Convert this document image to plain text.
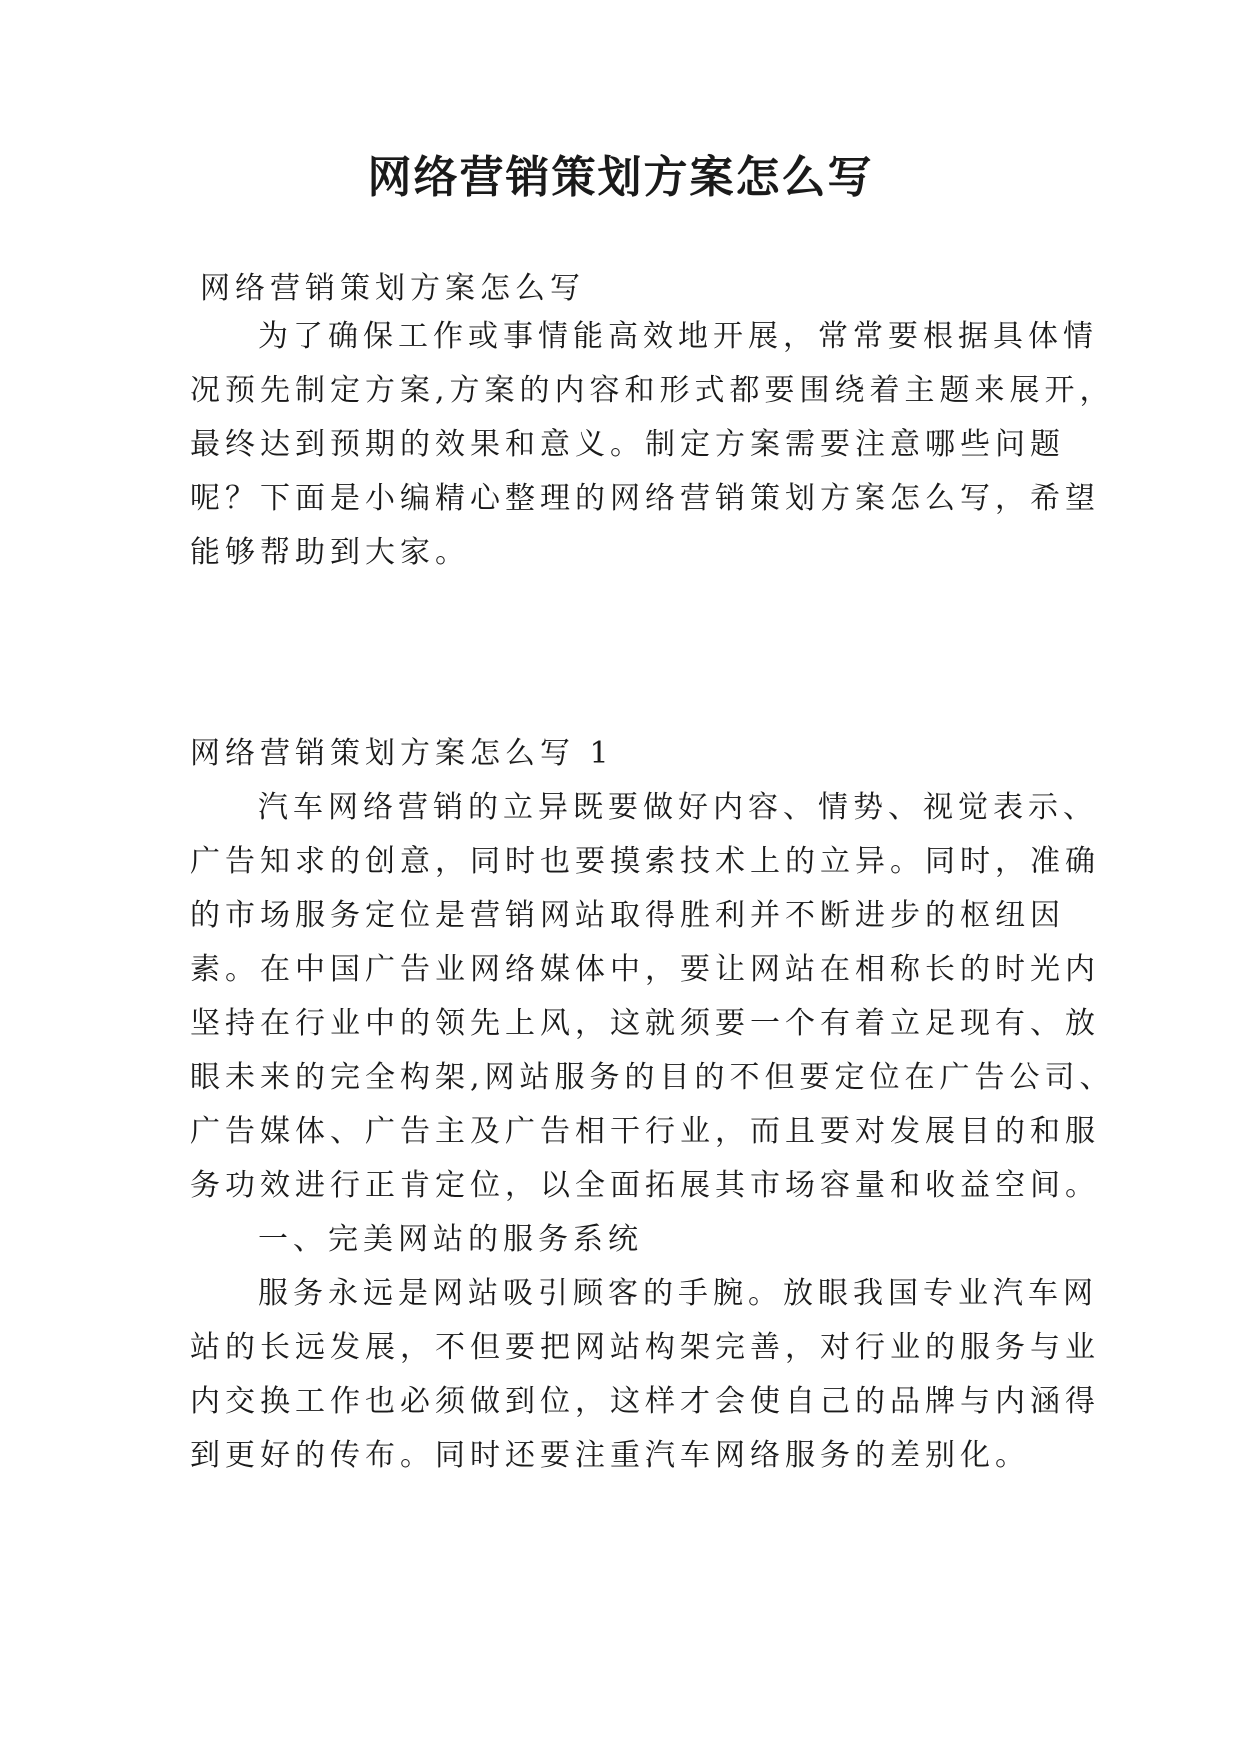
网络营销策划方案怎么写

网络营销策划方案怎么写

为了确保工作或事情能高效地开展，常常要根据具体情
况预先制定方案,方案的内容和形式都要围绕着主题来展开，
最终达到预期的效果和意义。制定方案需要注意哪些问题
呢？下面是小编精心整理的网络营销策划方案怎么写，希望
能够帮助到大家。

网络营销策划方案怎么写 1

汽车网络营销的立异既要做好内容、情势、视觉表示、
广告知求的创意，同时也要摸索技术上的立异。同时，准确
的市场服务定位是营销网站取得胜利并不断进步的枢纽因
素。在中国广告业网络媒体中，要让网站在相称长的时光内
坚持在行业中的领先上风，这就须要一个有着立足现有、放
眼未来的完全构架,网站服务的目的不但要定位在广告公司、
广告媒体、广告主及广告相干行业，而且要对发展目的和服
务功效进行正肯定位，以全面拓展其市场容量和收益空间。

一、完美网站的服务系统

服务永远是网站吸引顾客的手腕。放眼我国专业汽车网
站的长远发展，不但要把网站构架完善，对行业的服务与业
内交换工作也必须做到位，这样才会使自己的品牌与内涵得
到更好的传布。同时还要注重汽车网络服务的差别化。
